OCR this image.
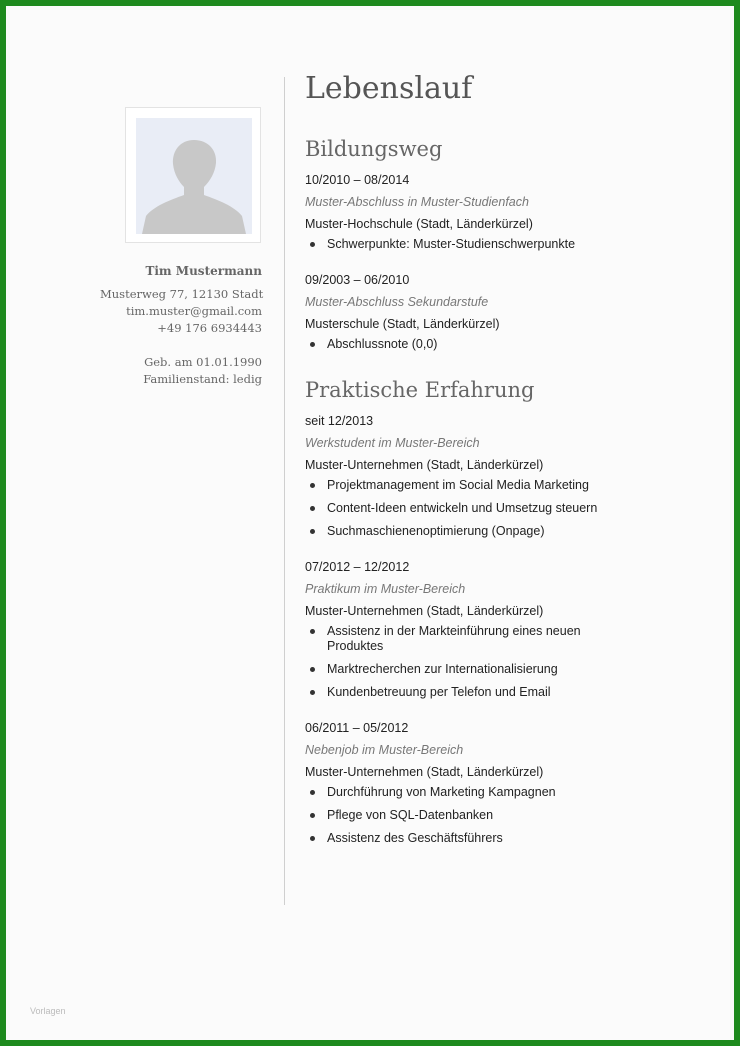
Tim Mustermann
Musterweg 77, 12130 Stadt
tim.muster@gmail.com
+49 176 6934443
Geb. am 01.01.1990
Familienstand: ledig
Lebenslauf
Bildungsweg
10/2010 – 08/2014
Muster-Abschluss in Muster-Studienfach
Muster-Hochschule (Stadt, Länderkürzel)
Schwerpunkte: Muster-Studienschwerpunkte
09/2003 – 06/2010
Muster-Abschluss Sekundarstufe
Musterschule (Stadt, Länderkürzel)
Abschlussnote (0,0)
Praktische Erfahrung
seit 12/2013
Werkstudent im Muster-Bereich
Muster-Unternehmen (Stadt, Länderkürzel)
Projektmanagement im Social Media Marketing
Content-Ideen entwickeln und Umsetzug steuern
Suchmaschienenoptimierung (Onpage)
07/2012 – 12/2012
Praktikum im Muster-Bereich
Muster-Unternehmen (Stadt, Länderkürzel)
Assistenz in der Markteinführung eines neuen Produktes
Marktrecherchen zur Internationalisierung
Kundenbetreuung per Telefon und Email
06/2011 – 05/2012
Nebenjob im Muster-Bereich
Muster-Unternehmen (Stadt, Länderkürzel)
Durchführung von Marketing Kampagnen
Pflege von SQL-Datenbanken
Assistenz des Geschäftsführers
Vorlagen
